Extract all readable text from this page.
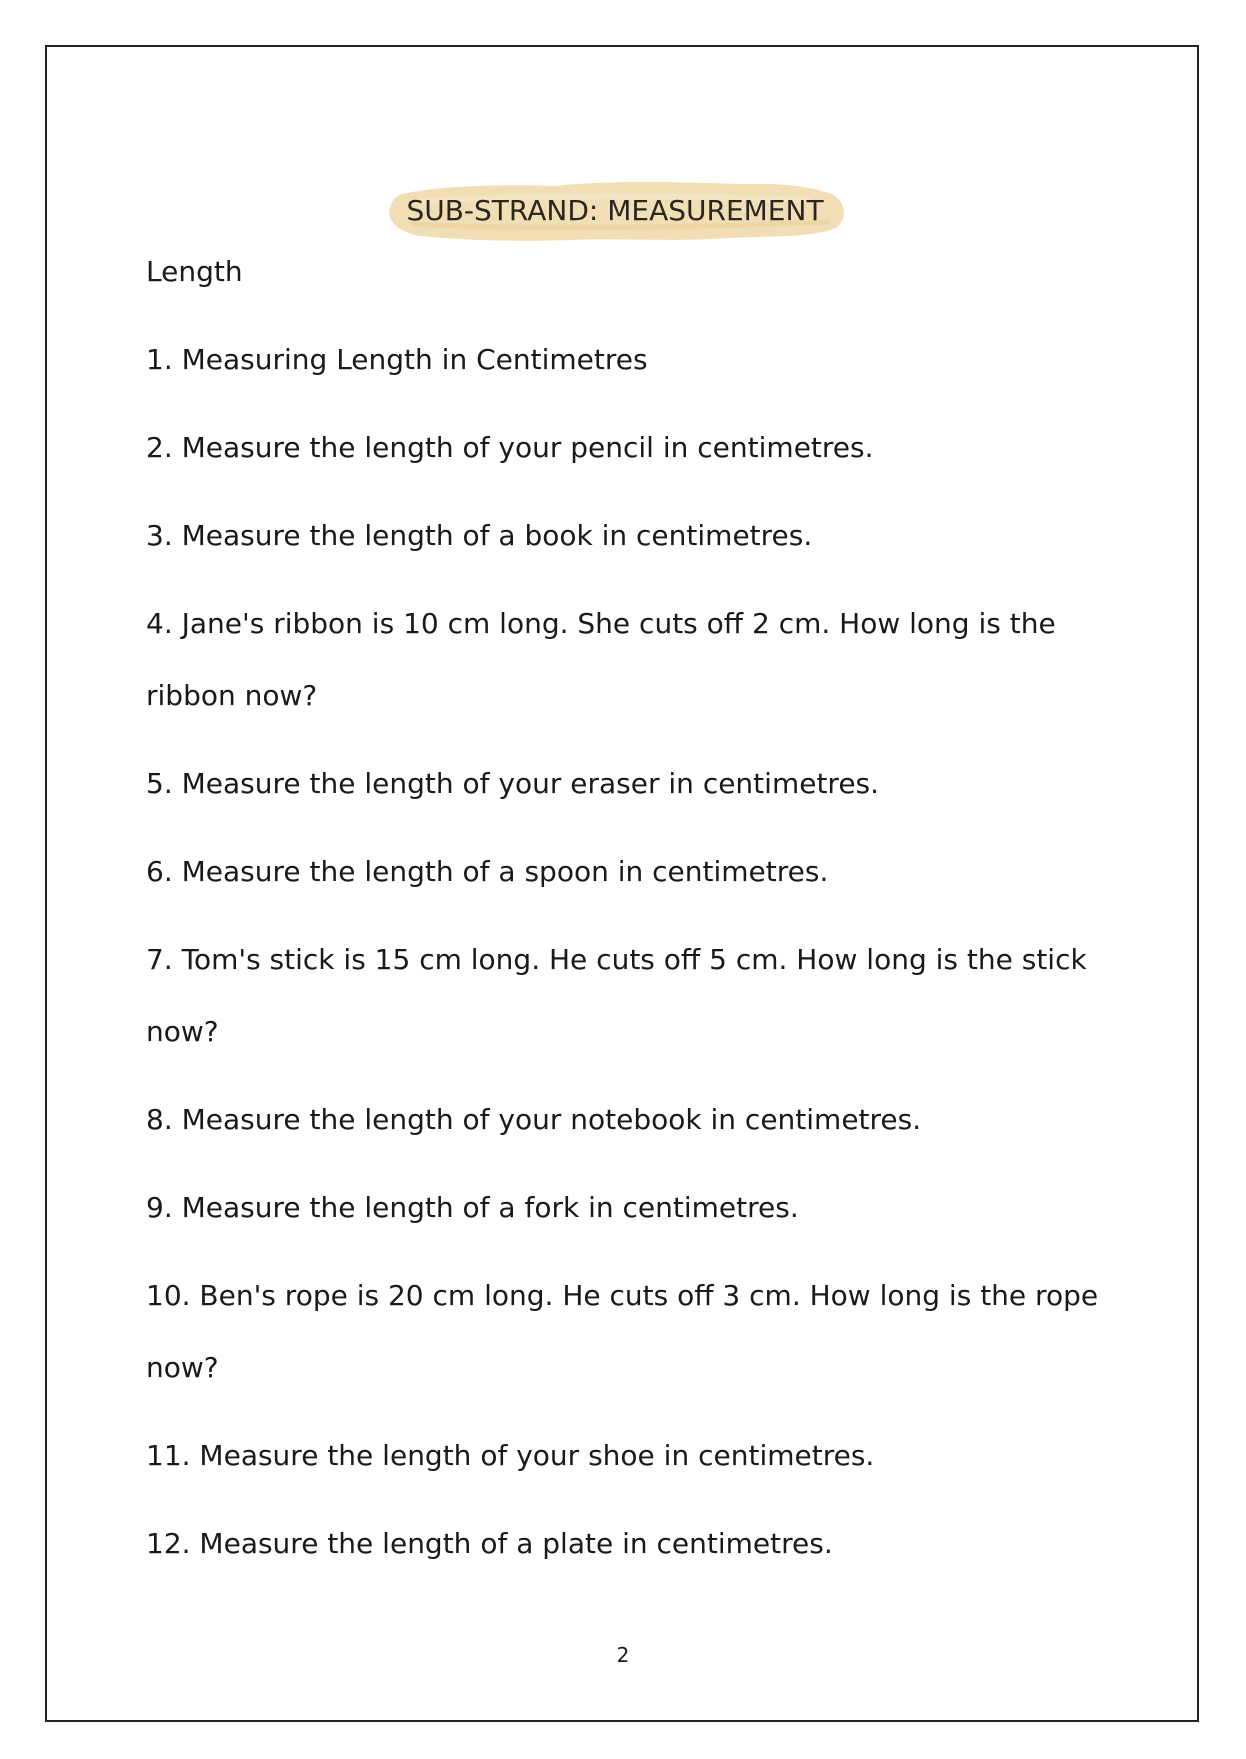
SUB-STRAND: MEASUREMENT
Length
1. Measuring Length in Centimetres
2. Measure the length of your pencil in centimetres.
3. Measure the length of a book in centimetres.
4. Jane's ribbon is 10 cm long. She cuts off 2 cm. How long is the
ribbon now?
5. Measure the length of your eraser in centimetres.
6. Measure the length of a spoon in centimetres.
7. Tom's stick is 15 cm long. He cuts off 5 cm. How long is the stick
now?
8. Measure the length of your notebook in centimetres.
9. Measure the length of a fork in centimetres.
10. Ben's rope is 20 cm long. He cuts off 3 cm. How long is the rope
now?
11. Measure the length of your shoe in centimetres.
12. Measure the length of a plate in centimetres.
2
